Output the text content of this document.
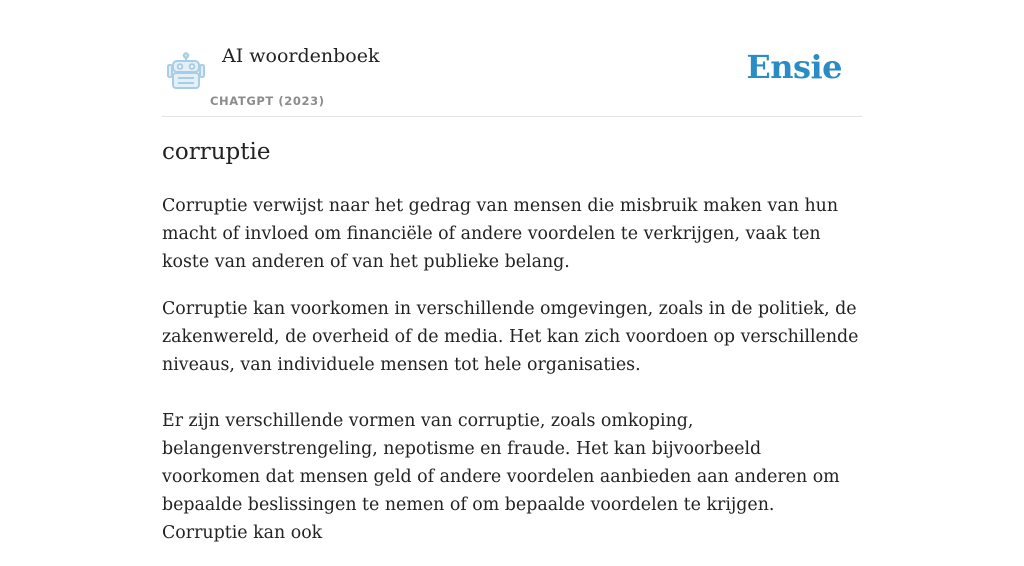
AI woordenboek
CHATGPT (2023)
Ensie
corruptie

Corruptie verwijst naar het gedrag van mensen die misbruik maken van hun macht of invloed om financiële of andere voordelen te verkrijgen, vaak ten koste van anderen of van het publieke belang.

Corruptie kan voorkomen in verschillende omgevingen, zoals in de politiek, de zakenwereld, de overheid of de media. Het kan zich voordoen op verschillende niveaus, van individuele mensen tot hele organisaties.

Er zijn verschillende vormen van corruptie, zoals omkoping, belangenverstrengeling, nepotisme en fraude. Het kan bijvoorbeeld voorkomen dat mensen geld of andere voordelen aanbieden aan anderen om bepaalde beslissingen te nemen of om bepaalde voordelen te krijgen. Corruptie kan ook
